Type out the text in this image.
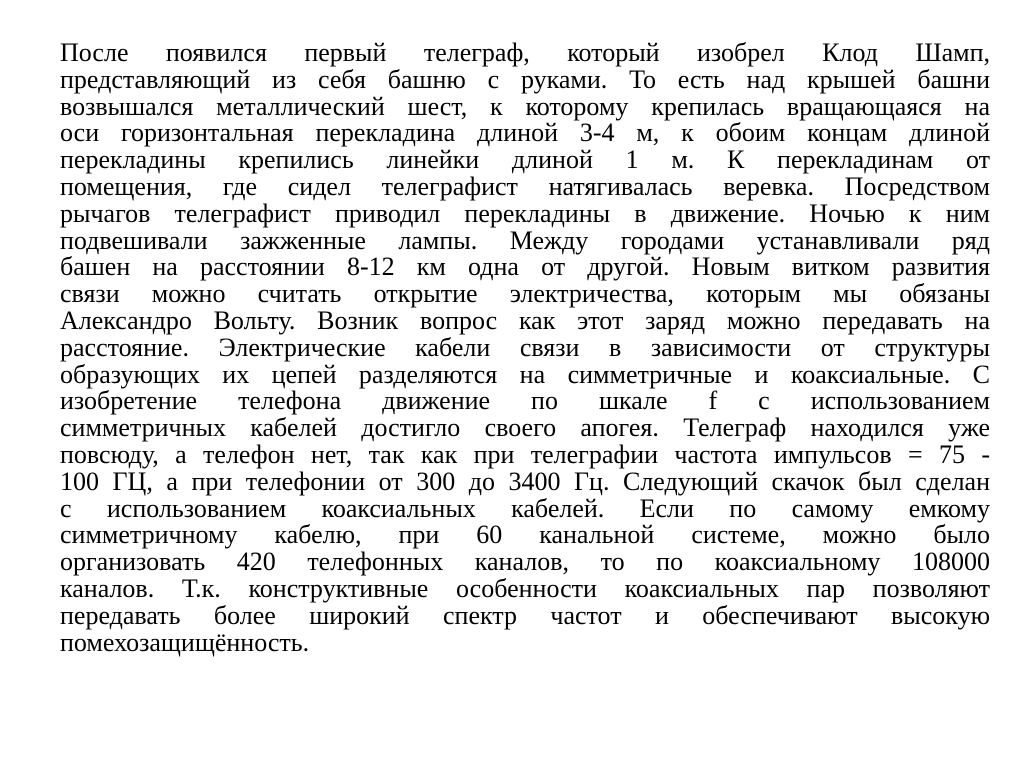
После появился первый телеграф, который изобрел Клод Шамп,
представляющий из себя башню с руками. То есть над крышей башни
возвышался металлический шест, к которому крепилась вращающаяся на
оси горизонтальная перекладина длиной 3-4 м, к обоим концам длиной
перекладины крепились линейки длиной 1 м. К перекладинам от
помещения, где сидел телеграфист натягивалась веревка. Посредством
рычагов телеграфист приводил перекладины в движение. Ночью к ним
подвешивали зажженные лампы. Между городами устанавливали ряд
башен на расстоянии 8-12 км одна от другой. Новым витком развития
связи можно считать открытие электричества, которым мы обязаны
Александро Вольту. Возник вопрос как этот заряд можно передавать на
расстояние. Электрические кабели связи в зависимости от структуры
образующих их цепей разделяются на симметричные и коаксиальные. С
изобретение телефона движение по шкале f с использованием
симметричных кабелей достигло своего апогея. Телеграф находился уже
повсюду, а телефон нет, так как при телеграфии частота импульсов = 75 -
100 ГЦ, а при телефонии от 300 до 3400 Гц. Следующий скачок был сделан
с использованием коаксиальных кабелей. Если по самому емкому
симметричному кабелю, при 60 канальной системе, можно было
организовать 420 телефонных каналов, то по коаксиальному 108000
каналов. Т.к. конструктивные особенности коаксиальных пар позволяют
передавать более широкий спектр частот и обеспечивают высокую
помехозащищённость.
